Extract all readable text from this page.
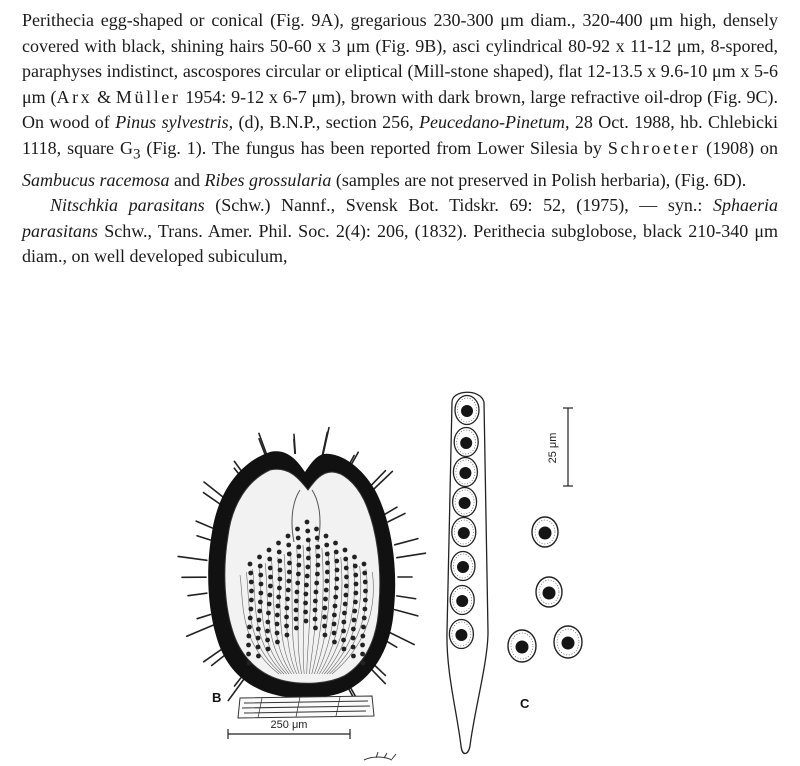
Perithecia egg-shaped or conical (Fig. 9A), gregarious 230-300 μm diam., 320-400 μm high, densely covered with black, shining hairs 50-60 x 3 μm (Fig. 9B), asci cylindrical 80-92 x 11-12 μm, 8-spored, paraphyses indistinct, ascospores circular or eliptical (Mill-stone shaped), flat 12-13.5 x 9.6-10 μm x 5-6 μm (Arx & Müller 1954: 9-12 x 6-7 μm), brown with dark brown, large refractive oil-drop (Fig. 9C). On wood of Pinus sylvestris, (d), B.N.P., section 256, Peucedano-Pinetum, 28 Oct. 1988, hb. Chlebicki 1118, square $G_3$ (Fig. 1). The fungus has been reported from Lower Silesia by Schroeter (1908) on Sambucus racemosa and Ribes grossularia (samples are not preserved in Polish herbaria), (Fig. 6D).

Nitschkia parasitans (Schw.) Nannf., Svensk Bot. Tidskr. 69: 52, (1975), — syn.: Sphaeria parasitans Schw., Trans. Amer. Phil. Soc. 2(4): 206, (1832). Perithecia subglobose, black 210-340 μm diam., on well developed subiculum,

250 μm
B
25 μm
C
